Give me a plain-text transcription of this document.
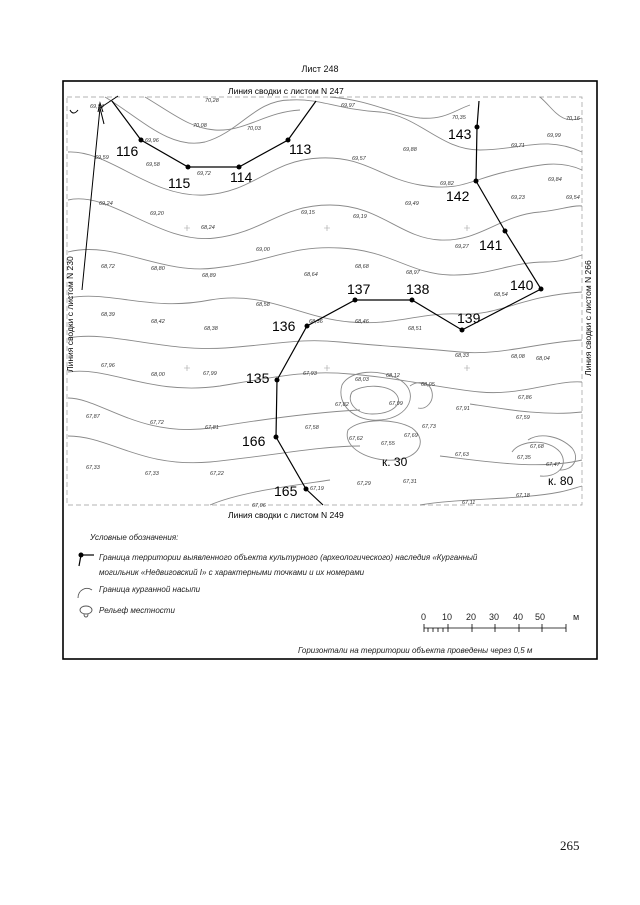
Лист 248
116
115	114
113
143
142
141
140
139
138
137
136
135
166
165
к. 30
к. 80
69,94
70,28
69,97
70,35	70,16
69,96
70,08	70,03
69,99
69,59
69,72
69,58
69,57
69,88
69,71
69,24
69,82
69,84
69,20	69,15
69,19
69,49
69,23	69,54
68,24
69,00	69,27
68,72	68,80
68,89	68,64
68,68
68,97
68,54
68,39
68,42
68,38
68,58
68,46
68,51
68,36
68,33	68,08 68,04
67,96
68,00	67,99	67,93
68,03
68,12
68,05
67,82	67,99
67,91
67,86
67,87
67,72
67,81	67,58
67,62
67,73
67,69
67,59
67,55
67,63
67,68
67,35
67,33
67,22
67,33
67,19
67,29	67,31
67,47
67,06	67,11
67,18
Линия сводки с листом N 247
Линия сводки с листом N 249
Линия сводки с листом N 230	Линия сводки с листом N 266
Условные обозначения:
Граница территории выявленного объекта культурного (археологического) наследия «Курганный
могильник «Недвиговский I» с характерными точками и их номерами
Граница курганной насыпи
Рельеф местности
0 10 20 30 40 50	м
Горизонтали на территории объекта проведены через 0,5 м
265
